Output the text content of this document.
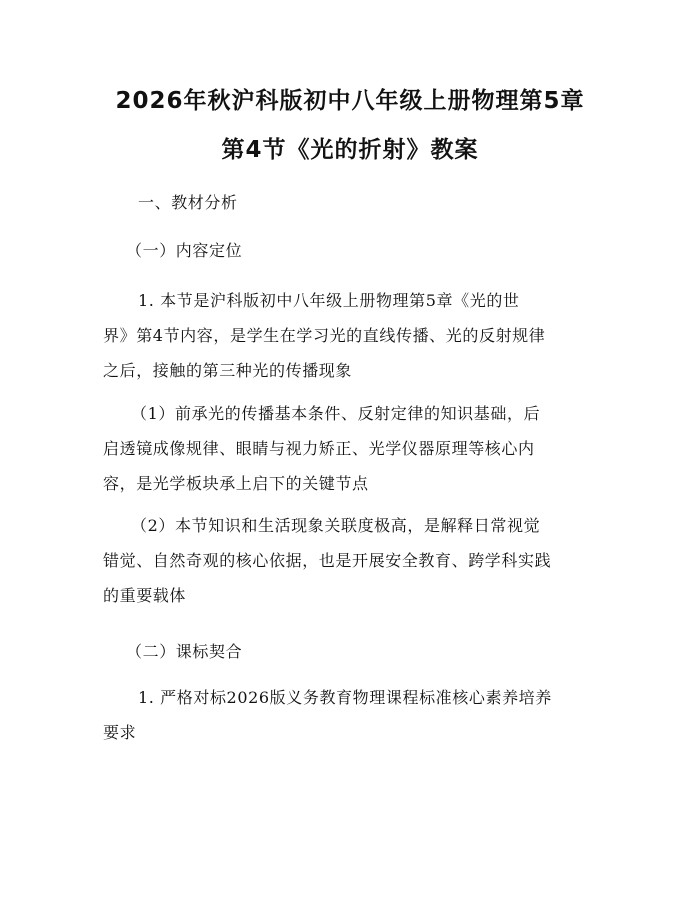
2026年秋沪科版初中八年级上册物理第5章
第4节《光的折射》教案
一、教材分析
（一）内容定位
1. 本节是沪科版初中八年级上册物理第5章《光的世
界》第4节内容，是学生在学习光的直线传播、光的反射规律
之后，接触的第三种光的传播现象
（1）前承光的传播基本条件、反射定律的知识基础，后
启透镜成像规律、眼睛与视力矫正、光学仪器原理等核心内
容，是光学板块承上启下的关键节点
（2）本节知识和生活现象关联度极高，是解释日常视觉
错觉、自然奇观的核心依据，也是开展安全教育、跨学科实践
的重要载体
（二）课标契合
1. 严格对标2026版义务教育物理课程标准核心素养培养
要求
